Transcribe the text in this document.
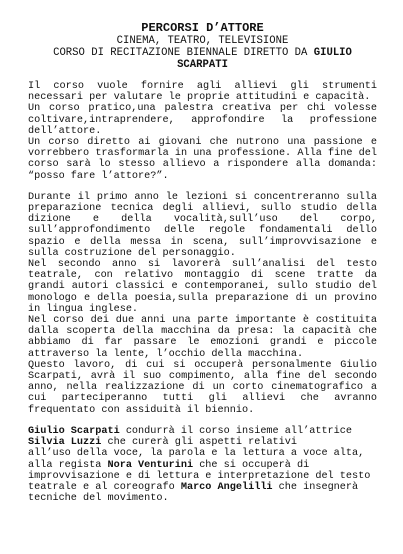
PERCORSI D’ATTORE
CINEMA, TEATRO, TELEVISIONE
CORSO DI RECITAZIONE BIENNALE DIRETTO DA GIULIO SCARPATI
Il corso vuole fornire agli allievi gli strumenti necessari per valutare le proprie attitudini e capacità.
Un corso pratico,una palestra creativa per chi volesse coltivare,intraprendere, approfondire la professione dell’attore.
Un corso diretto ai giovani che nutrono una passione e vorrebbero trasformarla in una professione. Alla fine del corso sarà lo stesso allievo a rispondere alla domanda: “posso fare l’attore?”.
Durante il primo anno le lezioni si concentreranno sulla preparazione tecnica degli allievi, sullo studio della dizione e della vocalità,sull’uso del corpo, sull’approfondimento delle regole fondamentali dello spazio e della messa in scena, sull’improvvisazione e sulla costruzione del personaggio.
Nel secondo anno si lavorerà sull’analisi del testo teatrale, con relativo montaggio di scene tratte da grandi autori classici e contemporanei, sullo studio del monologo e della poesia,sulla preparazione di un provino in lingua inglese.
Nel corso dei due anni una parte importante è costituita dalla scoperta della macchina da presa: la capacità che abbiamo di far passare le emozioni grandi e piccole attraverso la lente, l’occhio della macchina.
Questo lavoro, di cui si occuperà personalmente Giulio Scarpati, avrà il suo compimento, alla fine del secondo anno, nella realizzazione di un corto cinematografico a cui parteciperanno tutti gli allievi che avranno frequentato con assiduità il biennio.

Giulio Scarpati condurrà il corso insieme all’attrice

Silvia Luzzi che curerà gli aspetti relativi

all’uso della voce, la parola e la lettura a voce alta,

alla regista Nora Venturini che si occuperà di improvvisazione e di lettura e interpretazione del testo teatrale e al coreografo Marco Angelilli che insegnerà tecniche del movimento.
